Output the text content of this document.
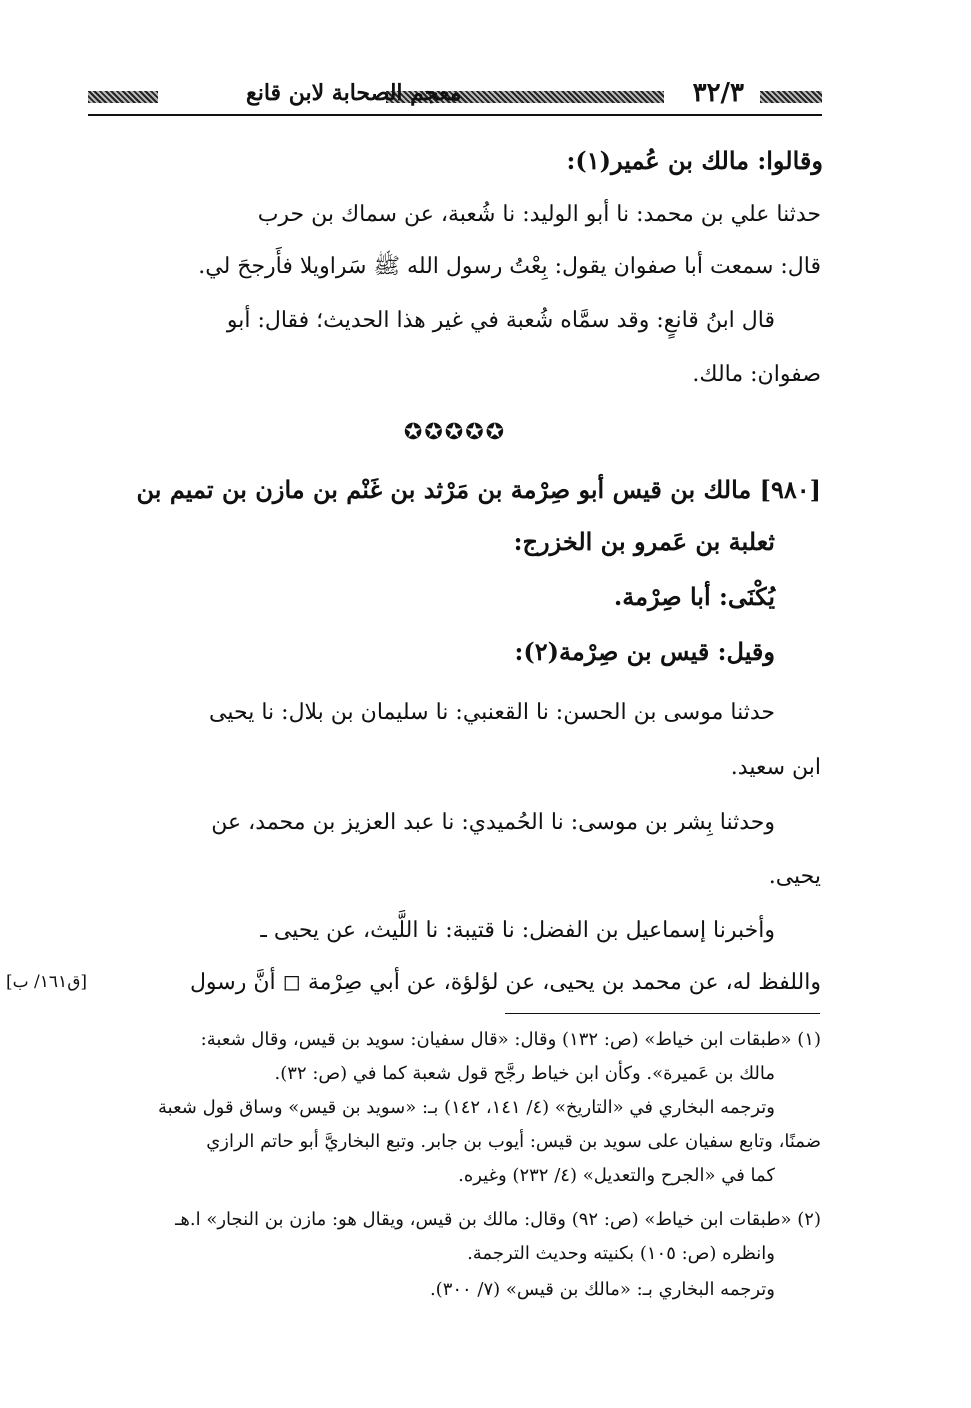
٣٢/٣
معجم الصحابة لابن قانع
وقالوا: مالك بن عُمير(١):
حدثنا علي بن محمد: نا أبو الوليد: نا شُعبة، عن سماك بن حرب
قال: سمعت أبا صفوان يقول: بِعْتُ رسول الله ﷺ سَراويلا فأَرجحَ لي.
قال ابنُ قانعٍ: وقد سمَّاه شُعبة في غير هذا الحديث؛ فقال: أبو
صفوان: مالك.
[٩٨٠] مالك بن قيس أبو صِرْمة بن مَرْثد بن غَنْم بن مازن بن تميم بن
ثعلبة بن عَمرو بن الخزرج:
يُكْنَى: أبا صِرْمة.
وقيل: قيس بن صِرْمة(٢):
حدثنا موسى بن الحسن: نا القعنبي: نا سليمان بن بلال: نا يحيى
ابن سعيد.
وحدثنا بِشر بن موسى: نا الحُميدي: نا عبد العزيز بن محمد، عن
يحيى.
وأخبرنا إسماعيل بن الفضل: نا قتيبة: نا اللَّيث، عن يحيى ـ
واللفظ له، عن محمد بن يحيى، عن لؤلؤة، عن أبي صِرْمة ◻ أنَّ رسول
✪✪✪✪✪
[ق١٦١/ ب]
(١) «طبقات ابن خياط» (ص: ١٣٢) وقال: «قال سفيان: سويد بن قيس، وقال شعبة:
مالك بن عَميرة». وكأن ابن خياط رجَّح قول شعبة كما في (ص: ٣٢).
وترجمه البخاري في «التاريخ» (٤/ ١٤١، ١٤٢) بـ: «سويد بن قيس» وساق قول شعبة
ضمنًا، وتابع سفيان على سويد بن قيس: أيوب بن جابر. وتبع البخاريَّ أبو حاتم الرازي
كما في «الجرح والتعديل» (٤/ ٢٣٢) وغيره.
(٢) «طبقات ابن خياط» (ص: ٩٢) وقال: مالك بن قيس، ويقال هو: مازن بن النجار» ا.هـ
وانظره (ص: ١٠٥) بكنيته وحديث الترجمة.
وترجمه البخاري بـ: «مالك بن قيس» (٧/ ٣٠٠).
